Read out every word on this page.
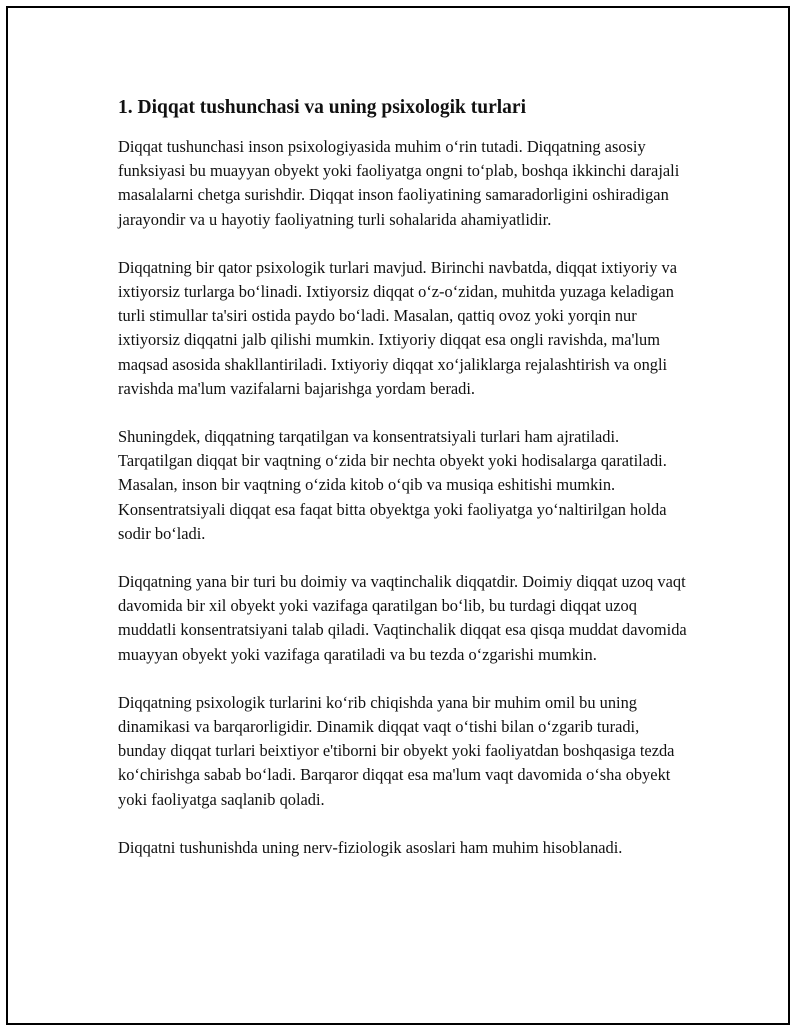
1. Diqqat tushunchasi va uning psixologik turlari

Diqqat tushunchasi inson psixologiyasida muhim o‘rin tutadi. Diqqatning asosiy funksiyasi bu muayyan obyekt yoki faoliyatga ongni to‘plab, boshqa ikkinchi darajali masalalarni chetga surishdir. Diqqat inson faoliyatining samaradorligini oshiradigan jarayondir va u hayotiy faoliyatning turli sohalarida ahamiyatlidir.

Diqqatning bir qator psixologik turlari mavjud. Birinchi navbatda, diqqat ixtiyoriy va ixtiyorsiz turlarga bo‘linadi. Ixtiyorsiz diqqat o‘z-o‘zidan, muhitda yuzaga keladigan turli stimullar ta'siri ostida paydo bo‘ladi. Masalan, qattiq ovoz yoki yorqin nur ixtiyorsiz diqqatni jalb qilishi mumkin. Ixtiyoriy diqqat esa ongli ravishda, ma'lum maqsad asosida shakllantiriladi. Ixtiyoriy diqqat xo‘jaliklarga rejalashtirish va ongli ravishda ma'lum vazifalarni bajarishga yordam beradi.

Shuningdek, diqqatning tarqatilgan va konsentratsiyali turlari ham ajratiladi. Tarqatilgan diqqat bir vaqtning o‘zida bir nechta obyekt yoki hodisalarga qaratiladi. Masalan, inson bir vaqtning o‘zida kitob o‘qib va musiqa eshitishi mumkin. Konsentratsiyali diqqat esa faqat bitta obyektga yoki faoliyatga yo‘naltirilgan holda sodir bo‘ladi.

Diqqatning yana bir turi bu doimiy va vaqtinchalik diqqatdir. Doimiy diqqat uzoq vaqt davomida bir xil obyekt yoki vazifaga qaratilgan bo‘lib, bu turdagi diqqat uzoq muddatli konsentratsiyani talab qiladi. Vaqtinchalik diqqat esa qisqa muddat davomida muayyan obyekt yoki vazifaga qaratiladi va bu tezda o‘zgarishi mumkin.

Diqqatning psixologik turlarini ko‘rib chiqishda yana bir muhim omil bu uning dinamikasi va barqarorligidir. Dinamik diqqat vaqt o‘tishi bilan o‘zgarib turadi, bunday diqqat turlari beixtiyor e'tiborni bir obyekt yoki faoliyatdan boshqasiga tezda ko‘chirishga sabab bo‘ladi. Barqaror diqqat esa ma'lum vaqt davomida o‘sha obyekt yoki faoliyatga saqlanib qoladi.

Diqqatni tushunishda uning nerv-fiziologik asoslari ham muhim hisoblanadi.
